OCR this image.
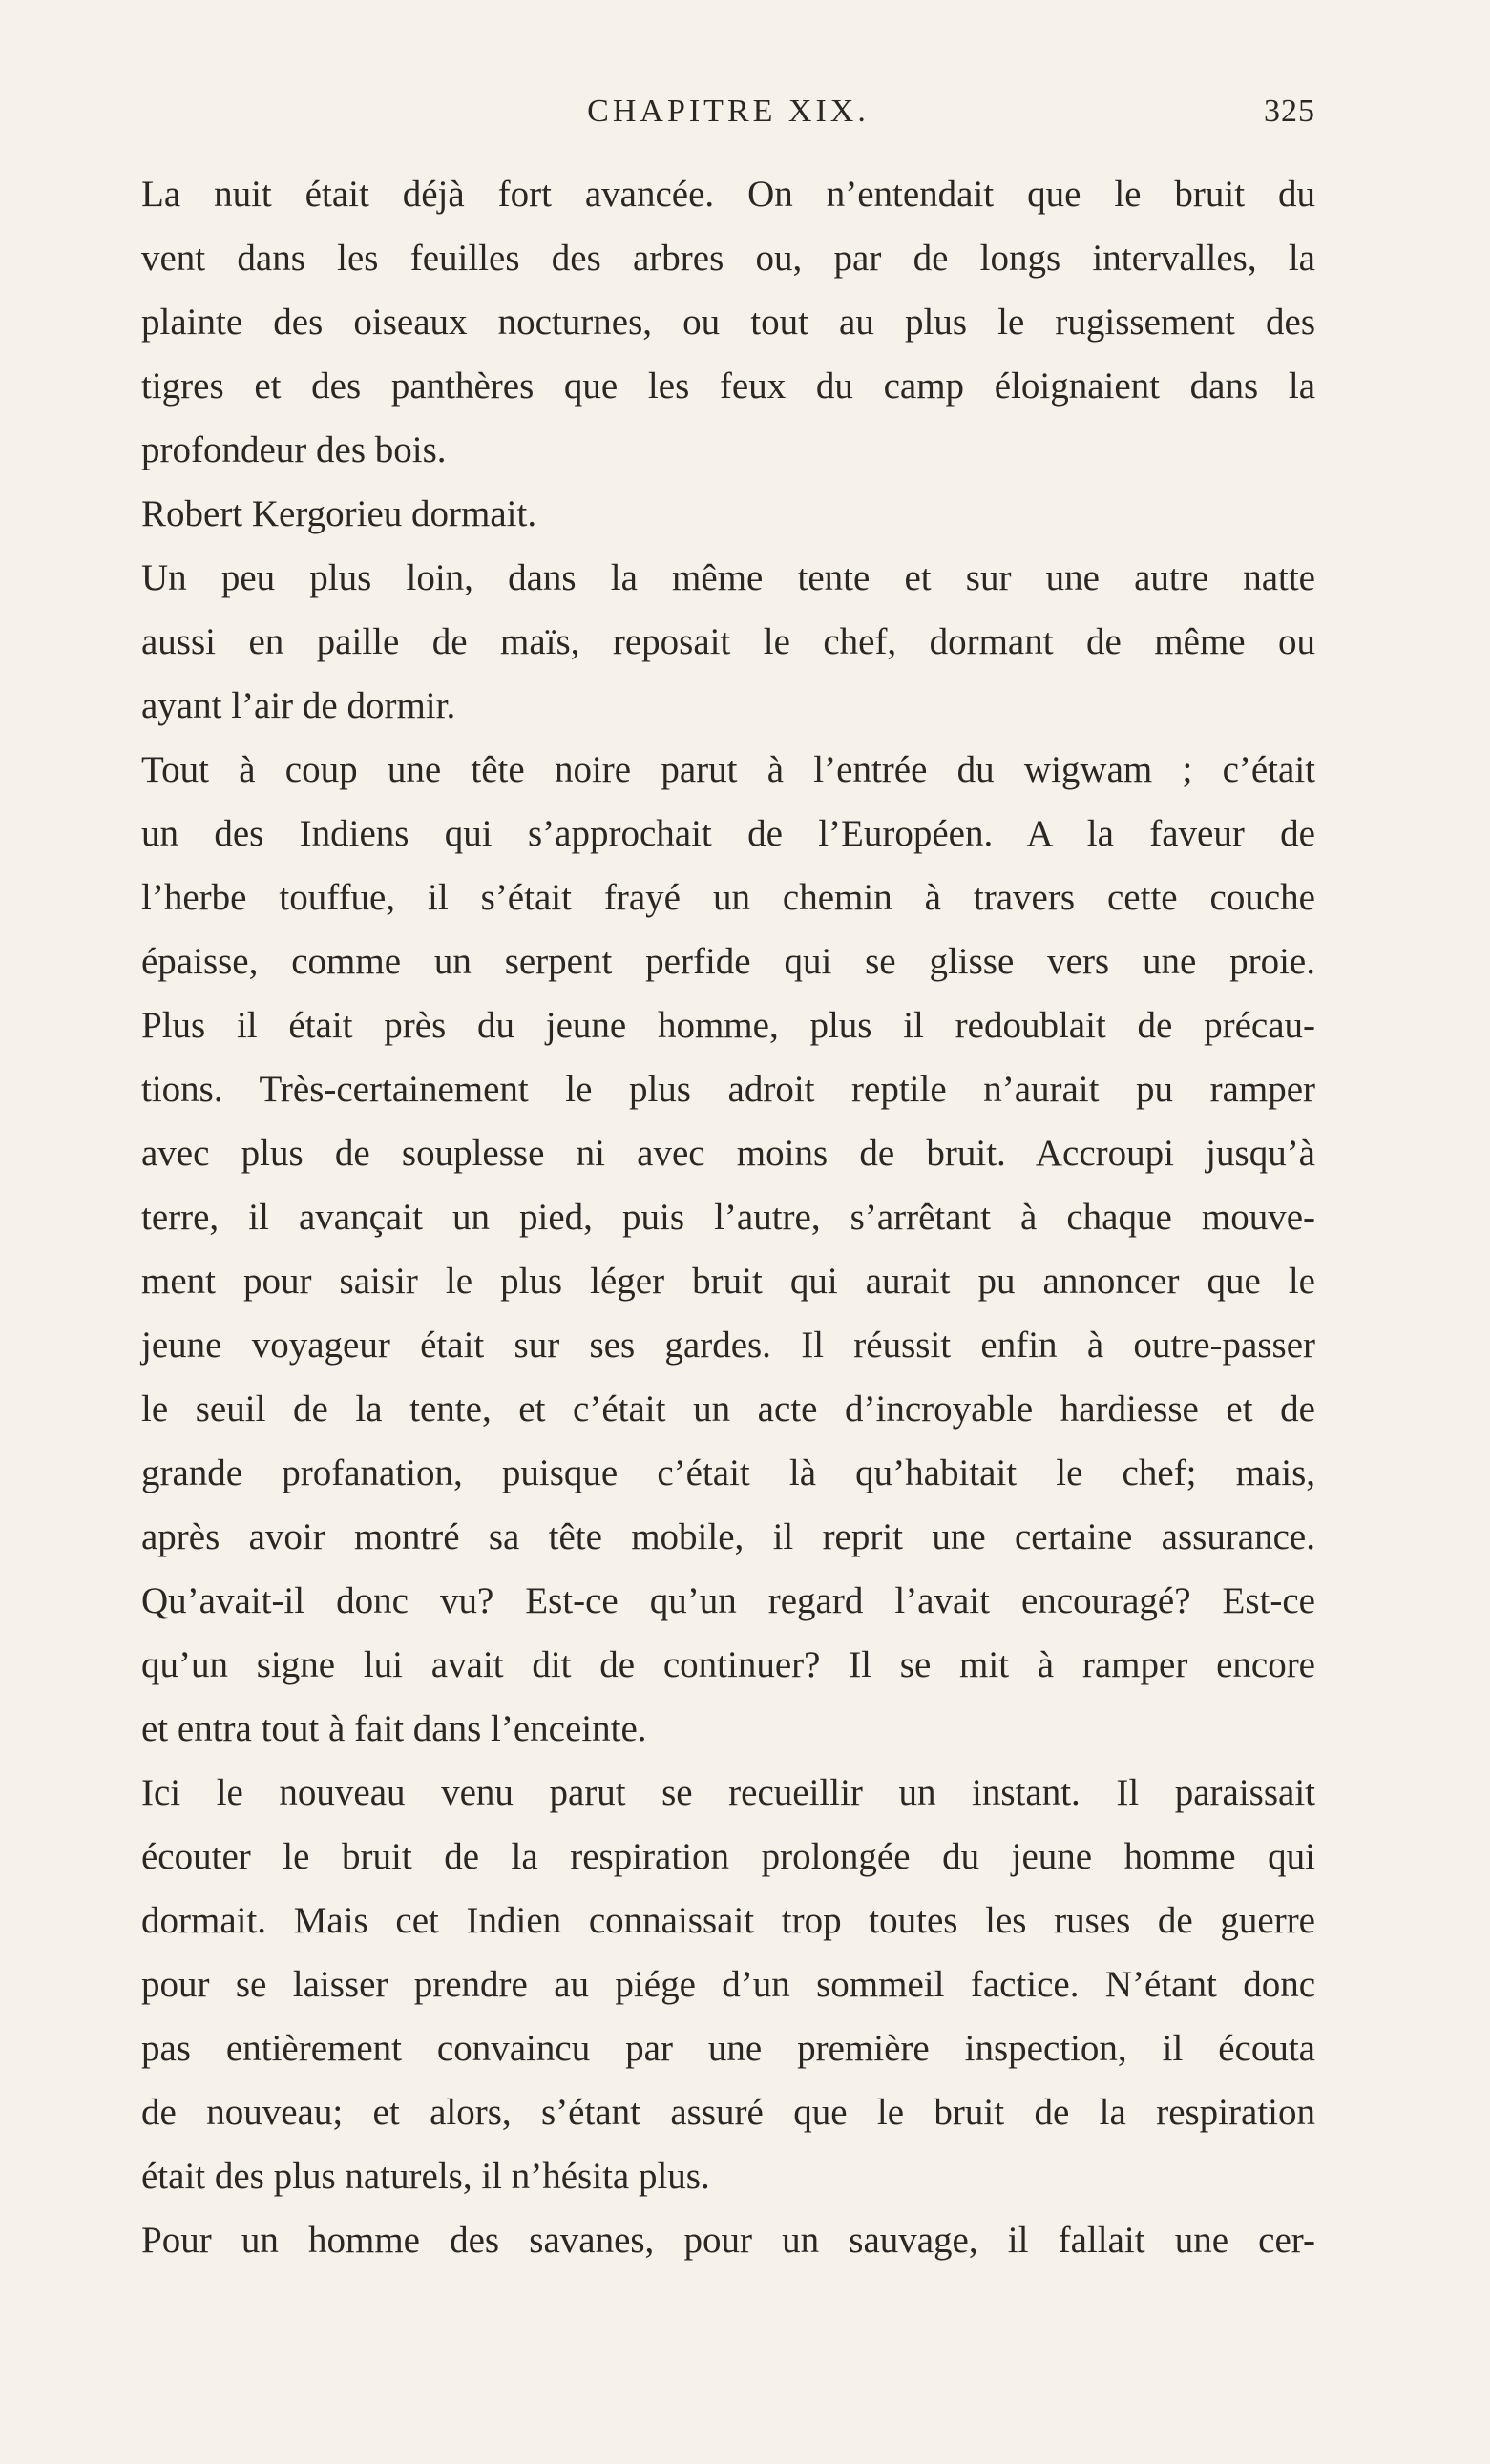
CHAPITRE XIX.	325
La nuit était déjà fort avancée. On n’entendait que le bruit du
vent dans les feuilles des arbres ou, par de longs intervalles, la
plainte des oiseaux nocturnes, ou tout au plus le rugissement des
tigres et des panthères que les feux du camp éloignaient dans la
profondeur des bois.
Robert Kergorieu dormait.
Un peu plus loin, dans la même tente et sur une autre natte
aussi en paille de maïs, reposait le chef, dormant de même ou
ayant l’air de dormir.
Tout à coup une tête noire parut à l’entrée du wigwam ; c’était
un des Indiens qui s’approchait de l’Européen. A la faveur de
l’herbe touffue, il s’était frayé un chemin à travers cette couche
épaisse, comme un serpent perfide qui se glisse vers une proie.
Plus il était près du jeune homme, plus il redoublait de précau-
tions. Très-certainement le plus adroit reptile n’aurait pu ramper
avec plus de souplesse ni avec moins de bruit. Accroupi jusqu’à
terre, il avançait un pied, puis l’autre, s’arrêtant à chaque mouve-
ment pour saisir le plus léger bruit qui aurait pu annoncer que le
jeune voyageur était sur ses gardes. Il réussit enfin à outre-passer
le seuil de la tente, et c’était un acte d’incroyable hardiesse et de
grande profanation, puisque c’était là qu’habitait le chef; mais,
après avoir montré sa tête mobile, il reprit une certaine assurance.
Qu’avait-il donc vu? Est-ce qu’un regard l’avait encouragé? Est-ce
qu’un signe lui avait dit de continuer? Il se mit à ramper encore
et entra tout à fait dans l’enceinte.
Ici le nouveau venu parut se recueillir un instant. Il paraissait
écouter le bruit de la respiration prolongée du jeune homme qui
dormait. Mais cet Indien connaissait trop toutes les ruses de guerre
pour se laisser prendre au piége d’un sommeil factice. N’étant donc
pas entièrement convaincu par une première inspection, il écouta
de nouveau; et alors, s’étant assuré que le bruit de la respiration
était des plus naturels, il n’hésita plus.
Pour un homme des savanes, pour un sauvage, il fallait une cer-
